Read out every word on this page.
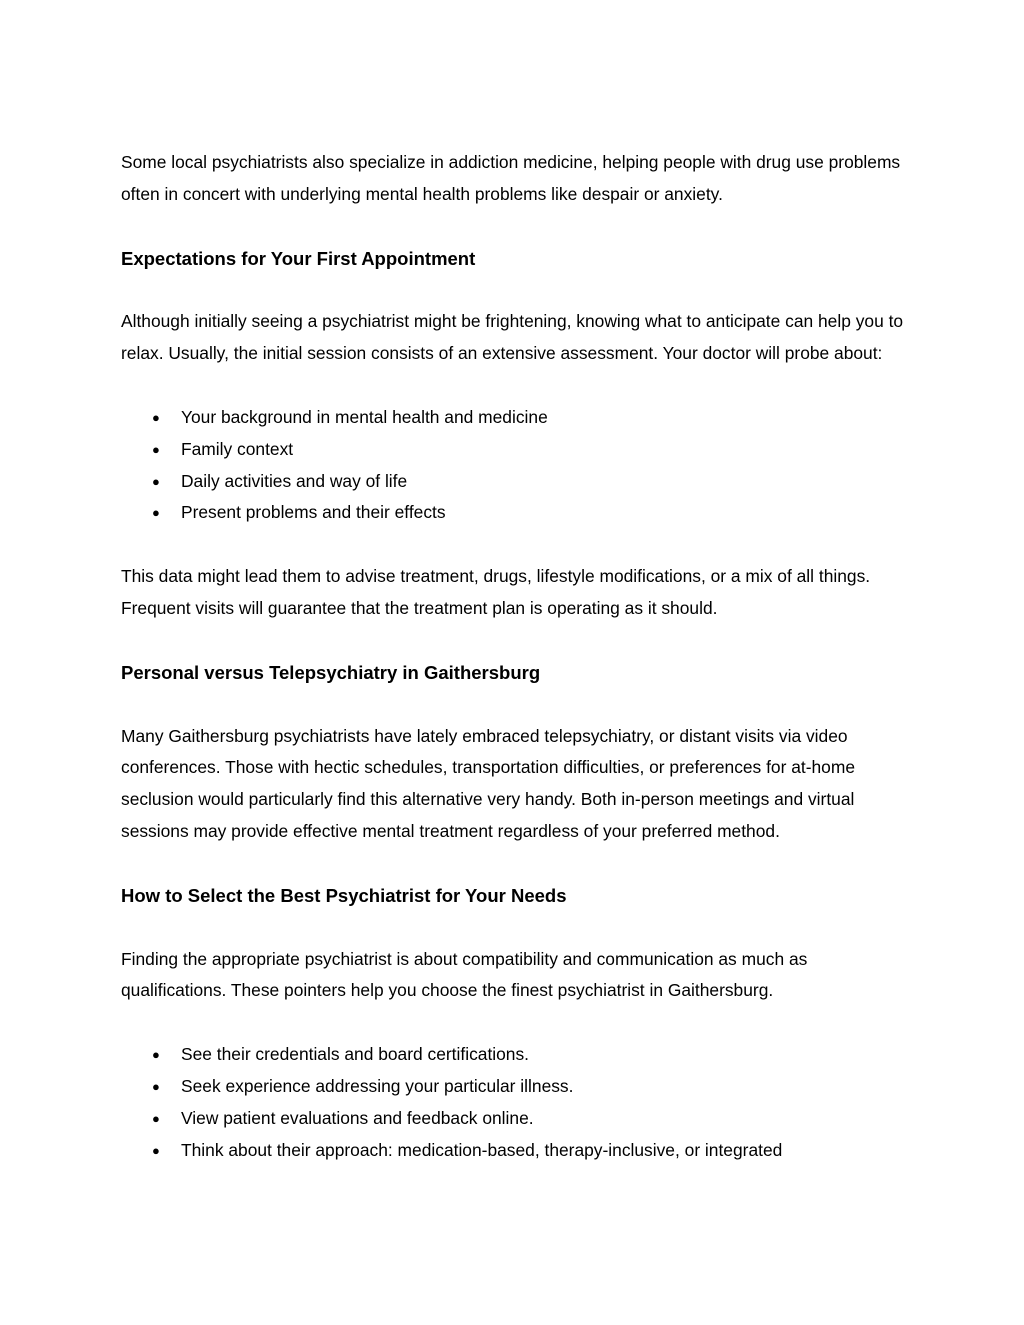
Some local psychiatrists also specialize in addiction medicine, helping people with drug use problems often in concert with underlying mental health problems like despair or anxiety.

Expectations for Your First Appointment

Although initially seeing a psychiatrist might be frightening, knowing what to anticipate can help you to relax. Usually, the initial session consists of an extensive assessment. Your doctor will probe about:

● Your background in mental health and medicine
● Family context
● Daily activities and way of life
● Present problems and their effects

This data might lead them to advise treatment, drugs, lifestyle modifications, or a mix of all things. Frequent visits will guarantee that the treatment plan is operating as it should.

Personal versus Telepsychiatry in Gaithersburg

Many Gaithersburg psychiatrists have lately embraced telepsychiatry, or distant visits via video conferences. Those with hectic schedules, transportation difficulties, or preferences for at-home seclusion would particularly find this alternative very handy. Both in-person meetings and virtual sessions may provide effective mental treatment regardless of your preferred method.

How to Select the Best Psychiatrist for Your Needs

Finding the appropriate psychiatrist is about compatibility and communication as much as qualifications. These pointers help you choose the finest psychiatrist in Gaithersburg.

● See their credentials and board certifications.
● Seek experience addressing your particular illness.
● View patient evaluations and feedback online.
● Think about their approach: medication-based, therapy-inclusive, or integrated
